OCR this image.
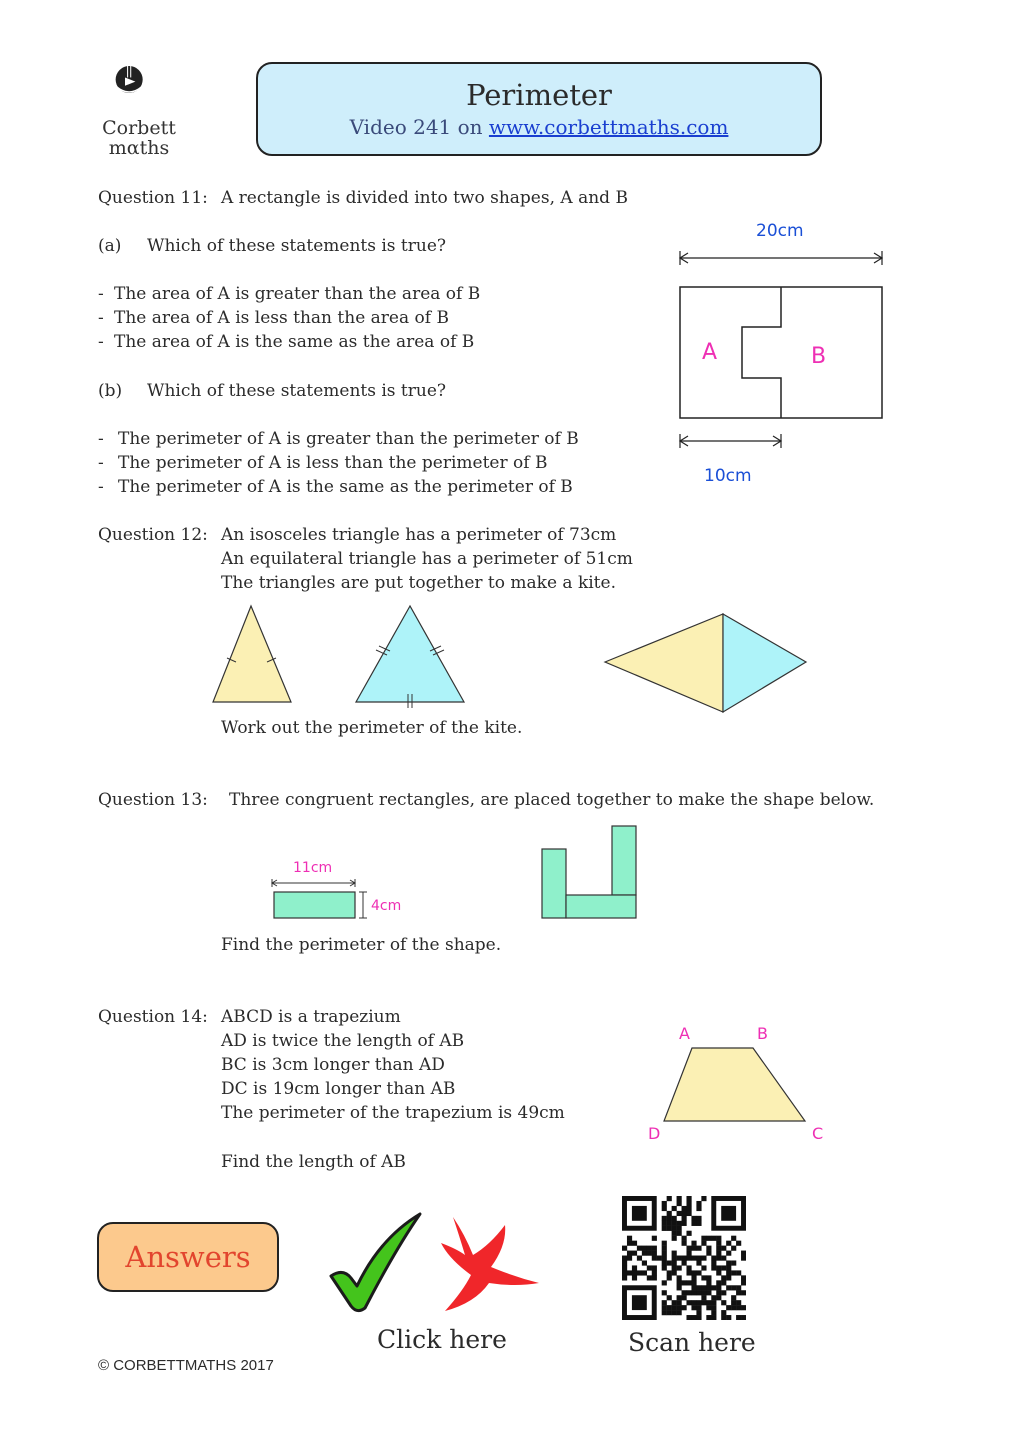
Corbett
mαths
Perimeter
Video 241 on www.corbettmaths.com
Question 11: A rectangle is divided into two shapes, A and B
(a) Which of these statements is true?
- The area of A is greater than the area of B
- The area of A is less than the area of B
- The area of A is the same as the area of B
(b) Which of these statements is true?
- The perimeter of A is greater than the perimeter of B
- The perimeter of A is less than the perimeter of B
- The perimeter of A is the same as the perimeter of B
20cm
10cm
A	B
Question 12: An isosceles triangle has a perimeter of 73cm
An equilateral triangle has a perimeter of 51cm
The triangles are put together to make a kite.
Work out the perimeter of the kite.
Question 13: Three congruent rectangles, are placed together to make the shape below.
11cm
4cm
Find the perimeter of the shape.
Question 14: ABCD is a trapezium
AD is twice the length of AB
BC is 3cm longer than AD
DC is 19cm longer than AB
The perimeter of the trapezium is 49cm
Find the length of AB
A	B
C
D
Answers
Click here	Scan here
© CORBETTMATHS 2017
